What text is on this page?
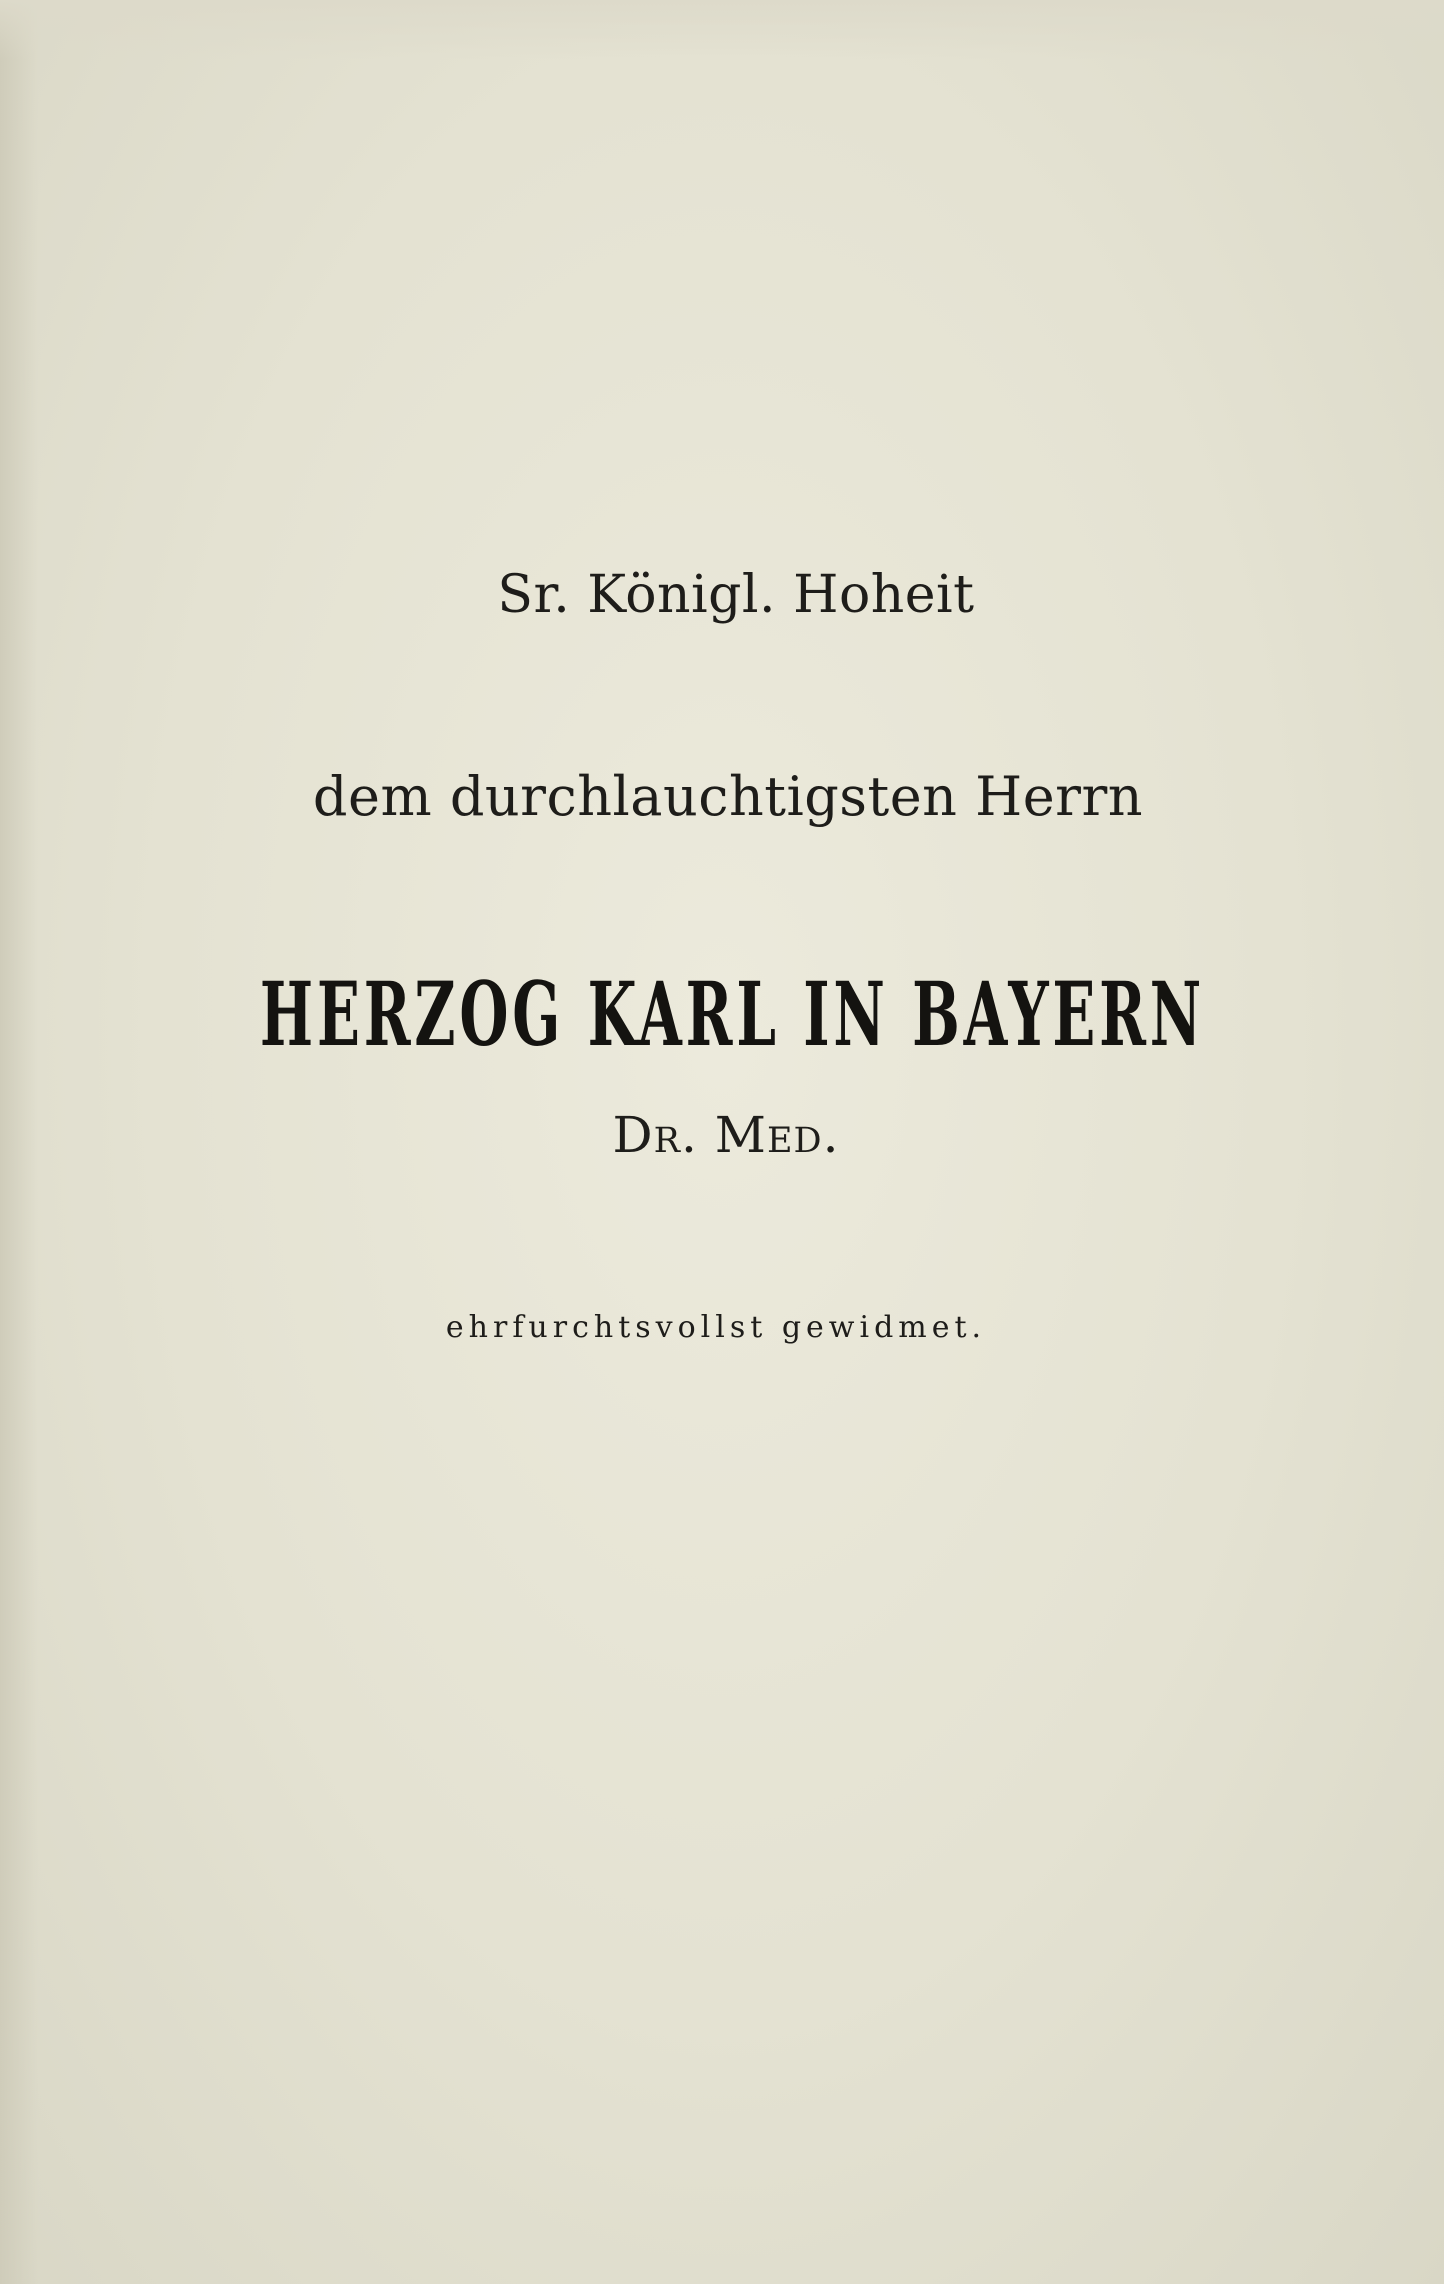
Sr. Königl. Hoheit
dem durchlauchtigsten Herrn
HERZOG KARL IN BAYERN
Dr. Med.
ehrfurchtsvollst gewidmet.
